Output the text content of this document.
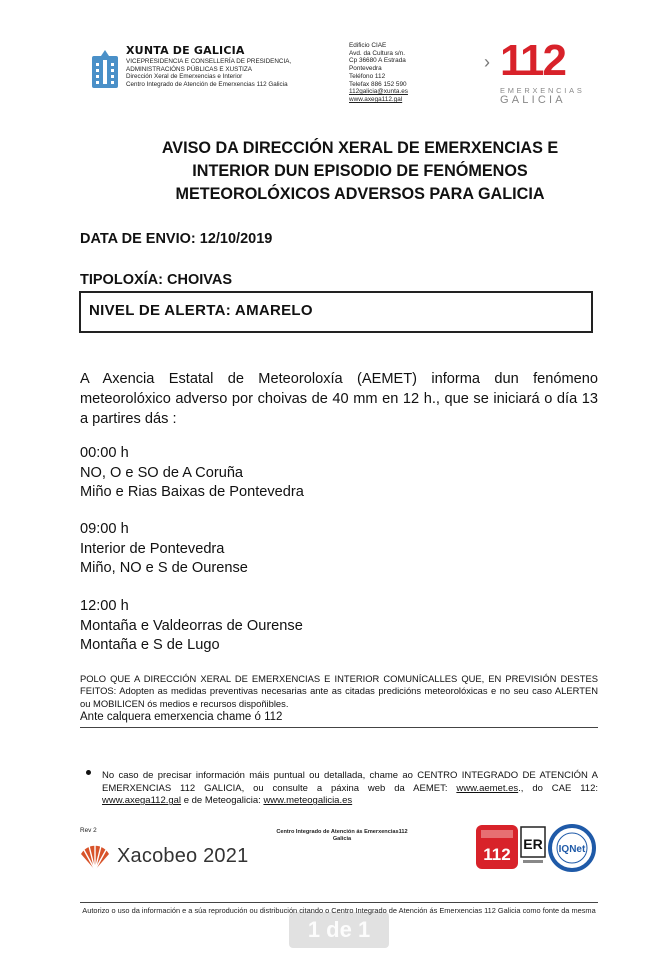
XUNTA DE GALICIA
VICEPRESIDENCIA E CONSELLERÍA DE PRESIDENCIA,
ADMINISTRACIÓNS PÚBLICAS E XUSTIZA
Dirección Xeral de Emerxencias e Interior
Centro Integrado de Atención de Emerxencias 112 Galicia
Edificio CIAE
Avd. da Cultura s/n.
Cp 36680 A Estrada
Pontevedra
Teléfono 112
Telefax 886 152 590
112galicia@xunta.es
www.axega112.gal
› 112
EMERXENCIAS
GALICIA
AVISO DA DIRECCIÓN XERAL DE EMERXENCIAS E
INTERIOR DUN EPISODIO DE FENÓMENOS
METEOROLÓXICOS ADVERSOS PARA GALICIA
DATA DE ENVIO: 12/10/2019
TIPOLOXÍA: CHOIVAS
NIVEL DE ALERTA: AMARELO
A Axencia Estatal de Meteoroloxía (AEMET) informa dun fenómeno meteorolóxico adverso por choivas de 40 mm en 12 h., que se iniciará o día 13 a partires dás :
00:00 h
NO, O e SO de A Coruña
Miño e Rias Baixas de Pontevedra
09:00 h
Interior de Pontevedra
Miño, NO e S de Ourense
12:00 h
Montaña e Valdeorras de Ourense
Montaña e S de Lugo
POLO QUE A DIRECCIÓN XERAL DE EMERXENCIAS E INTERIOR COMUNÍCALLES QUE, EN PREVISIÓN DESTES FEITOS: Adopten as medidas preventivas necesarias ante as citadas predicións meteorolóxicas e no seu caso ALERTEN ou MOBILICEN ós medios e recursos dispoñibles.
Ante calquera emerxencia chame ó 112
No caso de precisar información máis puntual ou detallada, chame ao CENTRO INTEGRADO DE ATENCIÓN A EMERXENCIAS 112 GALICIA, ou consulte a páxina web da AEMET: www.aemet.es., do CAE 112: www.axega112.gal e de Meteogalicia: www.meteogalicia.es
Rev 2
Xacobeo 2021
Centro Integrado de Atención ás Emerxencias112
Galicia
112
ER IQNet
Autorizo o uso da información e a súa reprodución ou distribución citando o Centro Integrado de Atención ás Emerxencias 112 Galicia como fonte da mesma
1 de 1
